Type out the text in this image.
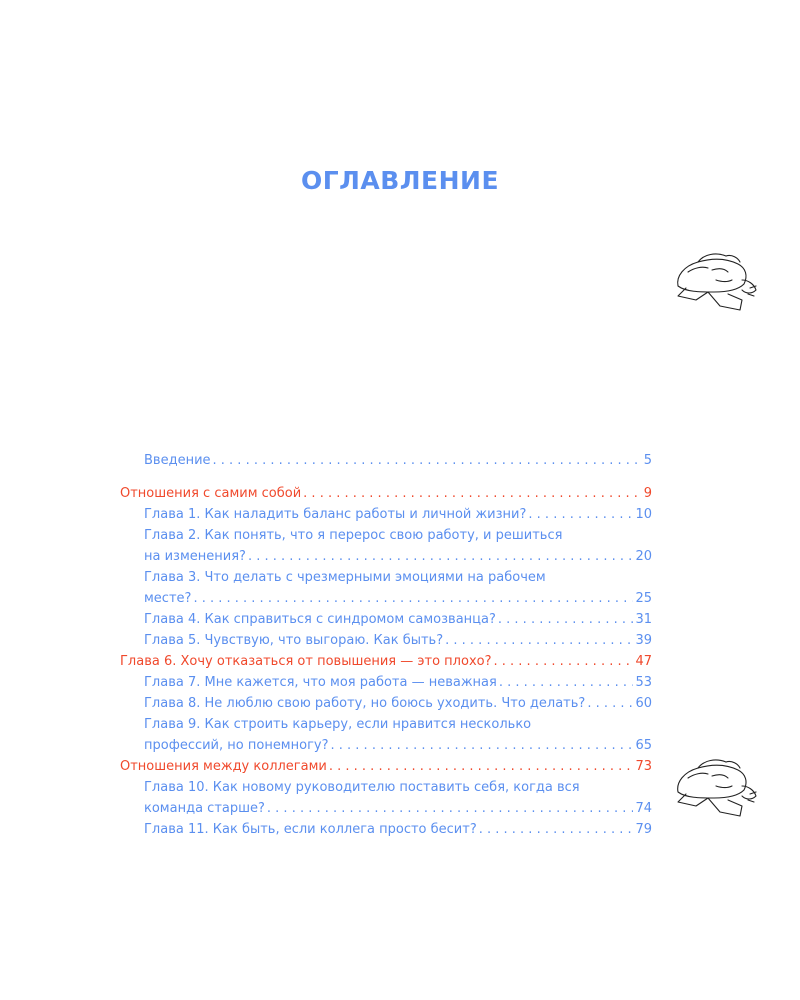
ОГЛАВЛЕНИЕ
Введение . . .	5
Отношения с самим собой . . .	9
Глава 1. Как наладить баланс работы и личной жизни? . . .	10
Глава 2. Как понять, что я перерос свою работу, и решиться
на изменения? . . .	20
Глава 3. Что делать с чрезмерными эмоциями на рабочем
месте? . . .	25
Глава 4. Как справиться с синдромом самозванца? . . .	31
Глава 5. Чувствую, что выгораю. Как быть? . . .	39
Глава 6. Хочу отказаться от повышения — это плохо? . . .	47
Глава 7. Мне кажется, что моя работа — неважная . . .	53
Глава 8. Не люблю свою работу, но боюсь уходить. Что делать? . . .	60
Глава 9. Как строить карьеру, если нравится несколько
профессий, но понемногу? . . .	65
Отношения между коллегами . . .	73
Глава 10. Как новому руководителю поставить себя, когда вся
команда старше? . . .	74
Глава 11. Как быть, если коллега просто бесит? . . .	79
